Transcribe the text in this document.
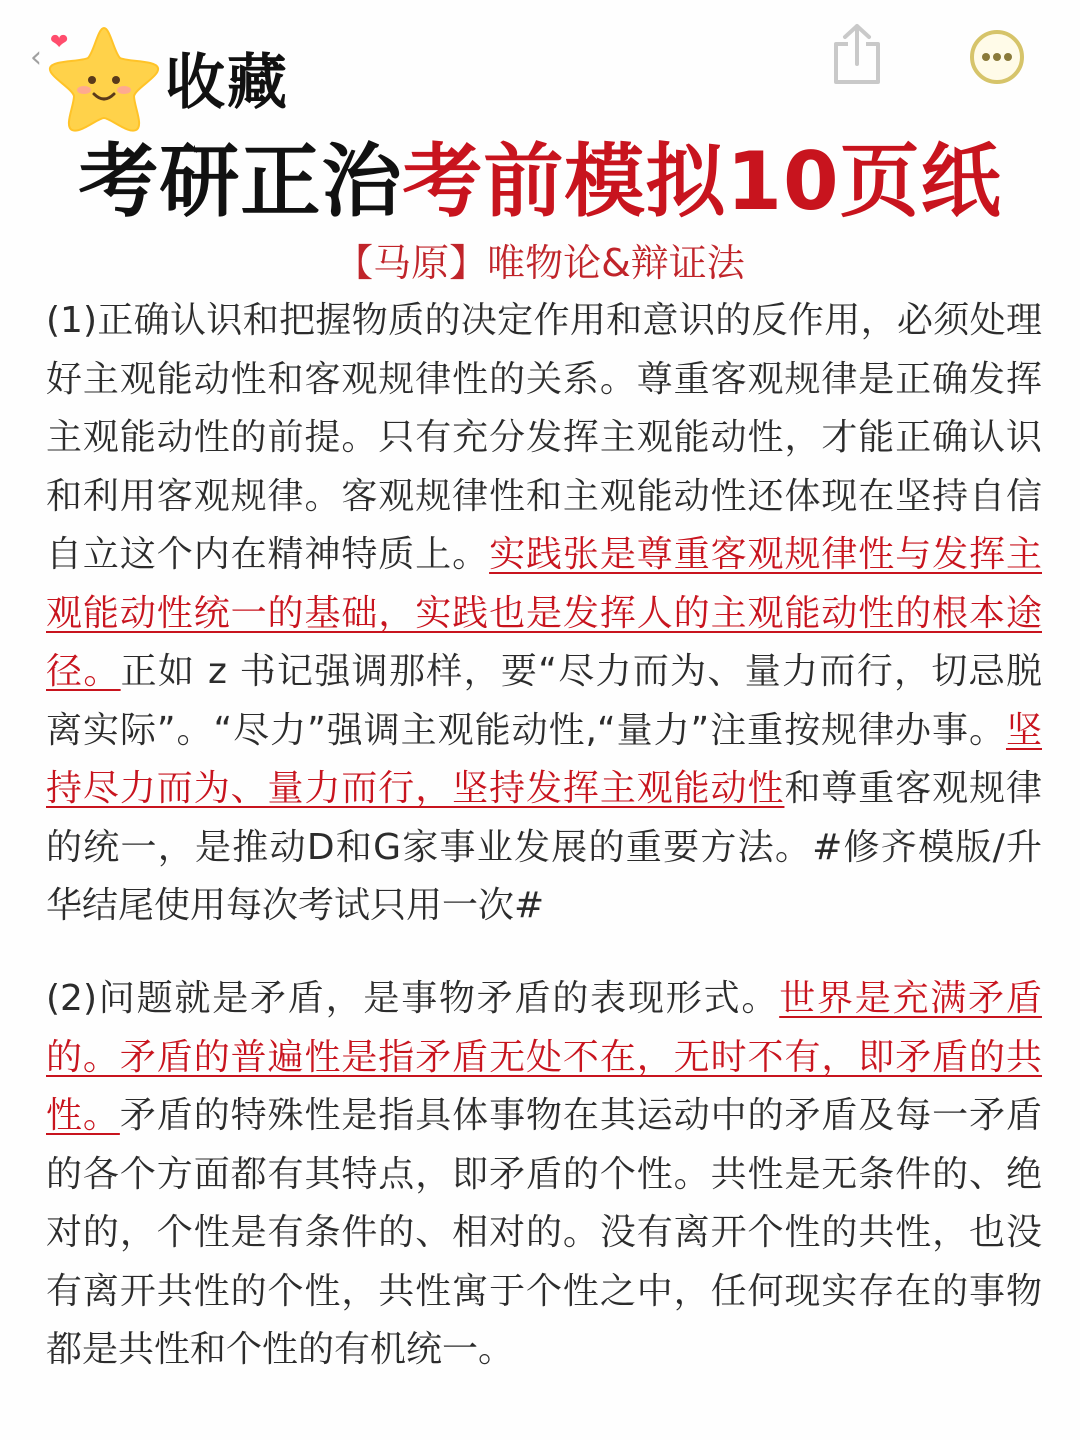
‹ ❤
收藏
考研正治考前模拟10页纸
【马原】唯物论&辩证法
(1)正确认识和把握物质的决定作用和意识的反作用，必须处理好主观能动性和客观规律性的关系。尊重客观规律是正确发挥主观能动性的前提。只有充分发挥主观能动性，才能正确认识和利用客观规律。客观规律性和主观能动性还体现在坚持自信自立这个内在精神特质上。实践张是尊重客观规律性与发挥主观能动性统一的基础，实践也是发挥人的主观能动性的根本途径。正如 z 书记强调那样，要“尽力而为、量力而行，切忌脱离实际”。“尽力”强调主观能动性,“量力”注重按规律办事。坚持尽力而为、量力而行，坚持发挥主观能动性和尊重客观规律的统一，是推动D和G家事业发展的重要方法。#修齐模版/升华结尾使用每次考试只用一次#
(2)问题就是矛盾，是事物矛盾的表现形式。世界是充满矛盾的。矛盾的普遍性是指矛盾无处不在，无时不有，即矛盾的共性。矛盾的特殊性是指具体事物在其运动中的矛盾及每一矛盾的各个方面都有其特点，即矛盾的个性。共性是无条件的、绝对的，个性是有条件的、相对的。没有离开个性的共性，也没有离开共性的个性，共性寓于个性之中，任何现实存在的事物都是共性和个性的有机统一。
